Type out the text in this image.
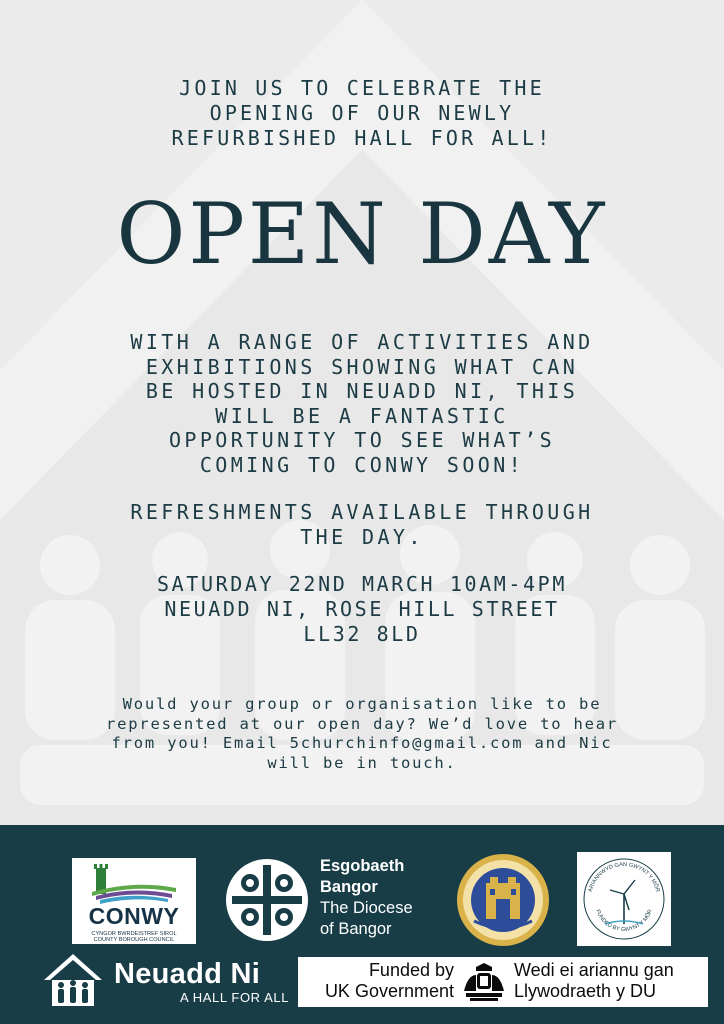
JOIN US TO CELEBRATE THE
OPENING OF OUR NEWLY
REFURBISHED HALL FOR ALL!
OPEN DAY
WITH A RANGE OF ACTIVITIES AND
EXHIBITIONS SHOWING WHAT CAN
BE HOSTED IN NEUADD NI, THIS
WILL BE A FANTASTIC
OPPORTUNITY TO SEE WHAT’S
COMING TO CONWY SOON!
REFRESHMENTS AVAILABLE THROUGH
THE DAY.
SATURDAY 22ND MARCH 10AM-4PM
NEUADD NI, ROSE HILL STREET
LL32 8LD
Would your group or organisation like to be
represented at our open day? We’d love to hear
from you! Email 5churchinfo@gmail.com and Nic
will be in touch.
CONWY
CYNGOR BWRDEISTREF SIROL
COUNTY BOROUGH COUNCIL
Esgobaeth
Bangor
The Diocese
of Bangor
ARIANNWYD GAN GWYNT Y MÔR
FUNDED BY GWYNT Y MÔR
Neuadd Ni
A HALL FOR ALL
Funded by
UK Government
Wedi ei ariannu gan
Llywodraeth y DU
